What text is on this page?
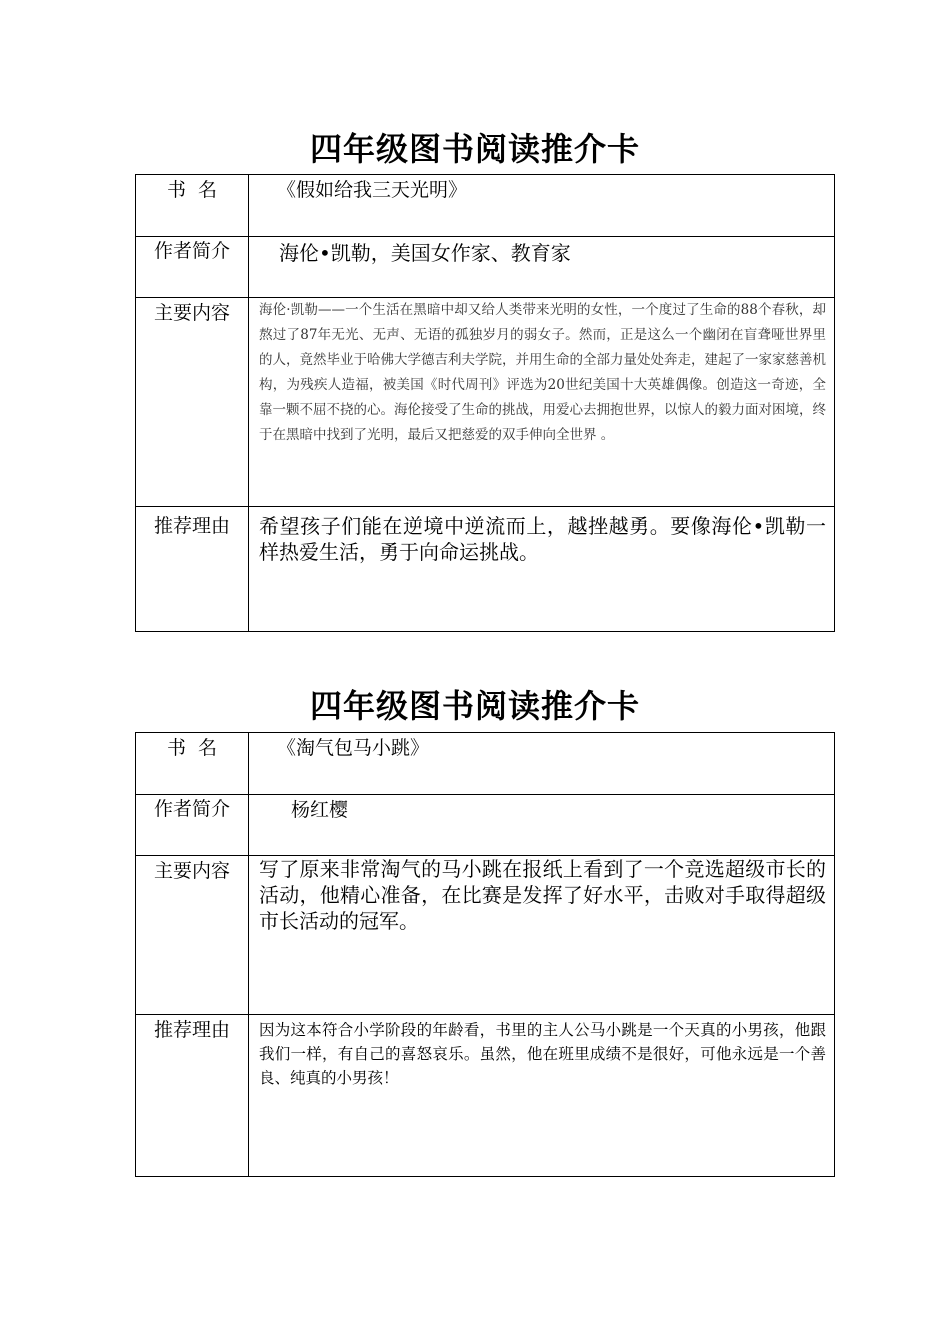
四年级图书阅读推介卡
书  名	《假如给我三天光明》

作者简介	海伦•凯勒，美国女作家、教育家

主要内容	海伦·凯勒——一个生活在黑暗中却又给人类带来光明的女性，一个度过了生命的88个春秋，却熬过了87年无光、无声、无语的孤独岁月的弱女子。然而，正是这么一个幽闭在盲聋哑世界里的人，竟然毕业于哈佛大学德吉利夫学院，并用生命的全部力量处处奔走，建起了一家家慈善机构，为残疾人造福，被美国《时代周刊》评选为20世纪美国十大英雄偶像。创造这一奇迹，全靠一颗不屈不挠的心。海伦接受了生命的挑战，用爱心去拥抱世界，以惊人的毅力面对困境，终
于在黑暗中找到了光明，最后又把慈爱的双手伸向全世界 。

推荐理由	希望孩子们能在逆境中逆流而上，越挫越勇。要像海伦•凯勒一样热爱生活，勇于向命运挑战。
四年级图书阅读推介卡
书  名	《淘气包马小跳》

作者简介	杨红樱

主要内容	写了原来非常淘气的马小跳在报纸上看到了一个竞选超级市长的活动，他精心准备，在比赛是发挥了好水平，击败对手取得超级市长活动的冠军。

推荐理由	因为这本符合小学阶段的年龄看，书里的主人公马小跳是一个天真的小男孩，他跟我们一样，有自己的喜怒哀乐。虽然，他在班里成绩不是很好，可他永远是一个善良、纯真的小男孩！
